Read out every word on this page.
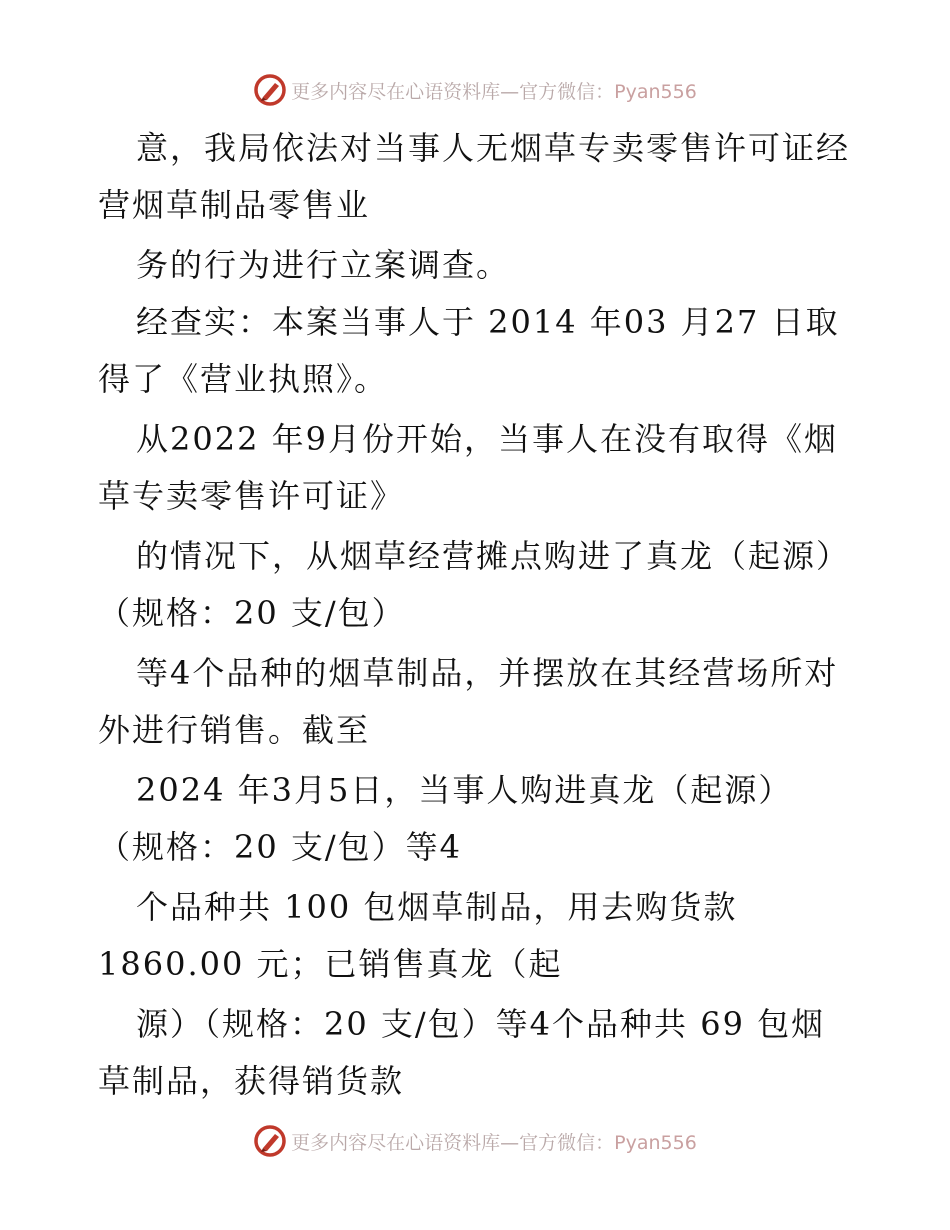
更多内容尽在心语资料库—官方微信：Pyan556
意，我局依法对当事人无烟草专卖零售许可证经
营烟草制品零售业
务的行为进行立案调查。
经查实：本案当事人于 2014 年03 月27 日取
得了《营业执照》。
从2022 年9月份开始，当事人在没有取得《烟
草专卖零售许可证》
的情况下，从烟草经营摊点购进了真龙（起源）
（规格：20 支/包）
等4个品种的烟草制品，并摆放在其经营场所对
外进行销售。截至
2024 年3月5日，当事人购进真龙（起源）
（规格：20 支/包）等4
个品种共 100 包烟草制品，用去购货款
1860.00 元；已销售真龙（起
源）（规格：20 支/包）等4个品种共 69 包烟
草制品，获得销货款
更多内容尽在心语资料库—官方微信：Pyan556
